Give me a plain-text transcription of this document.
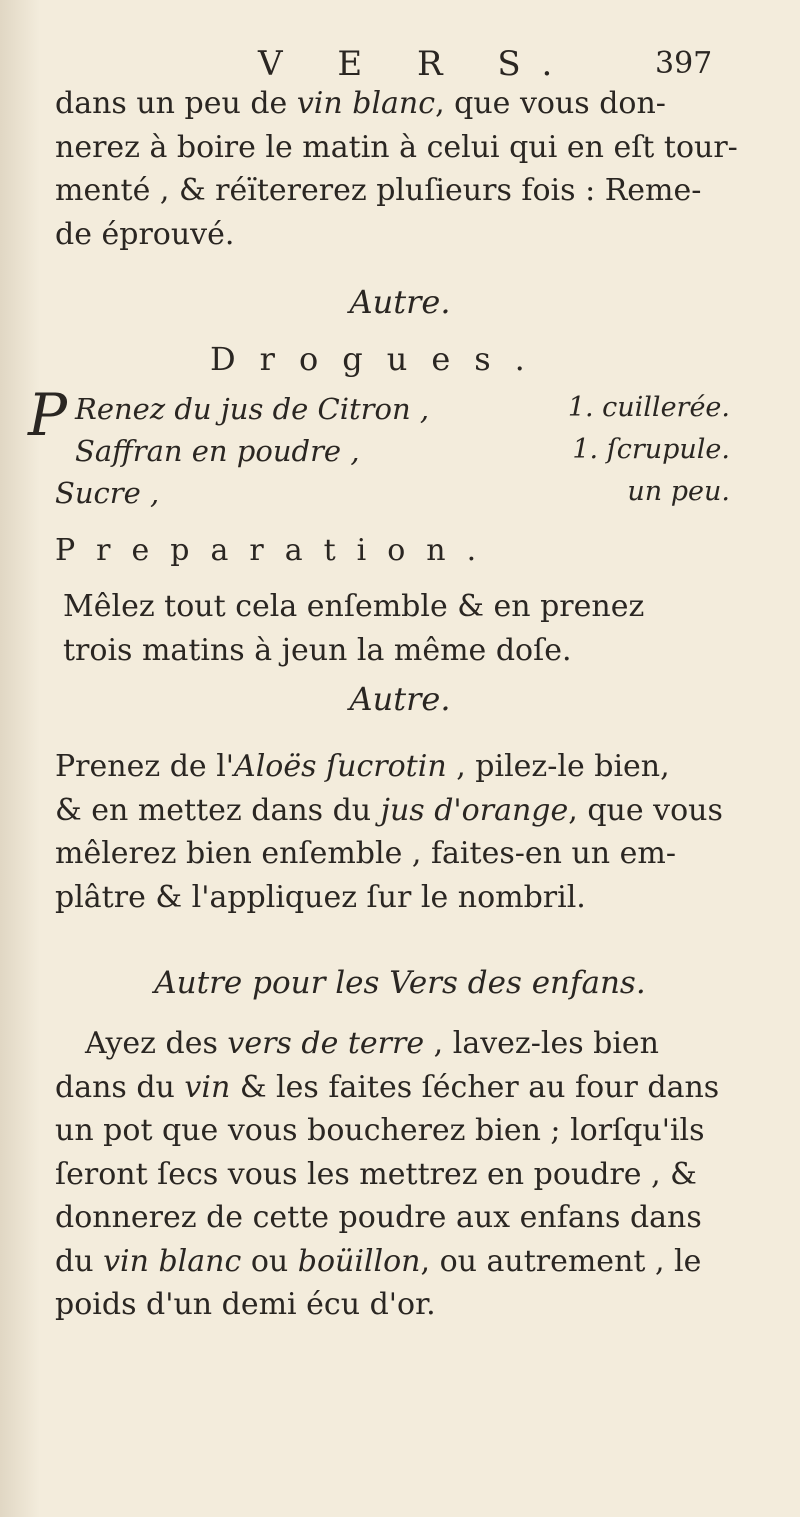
V E R S.	397
dans un peu de vin blanc, que vous don-
nerez à boire le matin à celui qui en eſt tour-
menté , & réïtererez pluſieurs fois : Reme-
de éprouvé.
Autre.
Drogues.
P Renez du jus de Citron ,	1. cuillerée.
Saffran en poudre ,	1. ſcrupule.
Sucre ,	un peu.
Preparation.
Mêlez tout cela enſemble & en prenez
trois matins à jeun la même doſe.
Autre.
Prenez de l'Aloës ſucrotin , pilez-le bien,
& en mettez dans du jus d'orange, que vous
mêlerez bien enſemble , faites-en un em-
plâtre & l'appliquez ſur le nombril.
Autre pour les Vers des enfans.
Ayez des vers de terre , lavez-les bien
dans du vin & les faites ſécher au four dans
un pot que vous boucherez bien ; lorſqu'ils
ſeront ſecs vous les mettrez en poudre , &
donnerez de cette poudre aux enfans dans
du vin blanc ou boüillon, ou autrement , le
poids d'un demi écu d'or.
